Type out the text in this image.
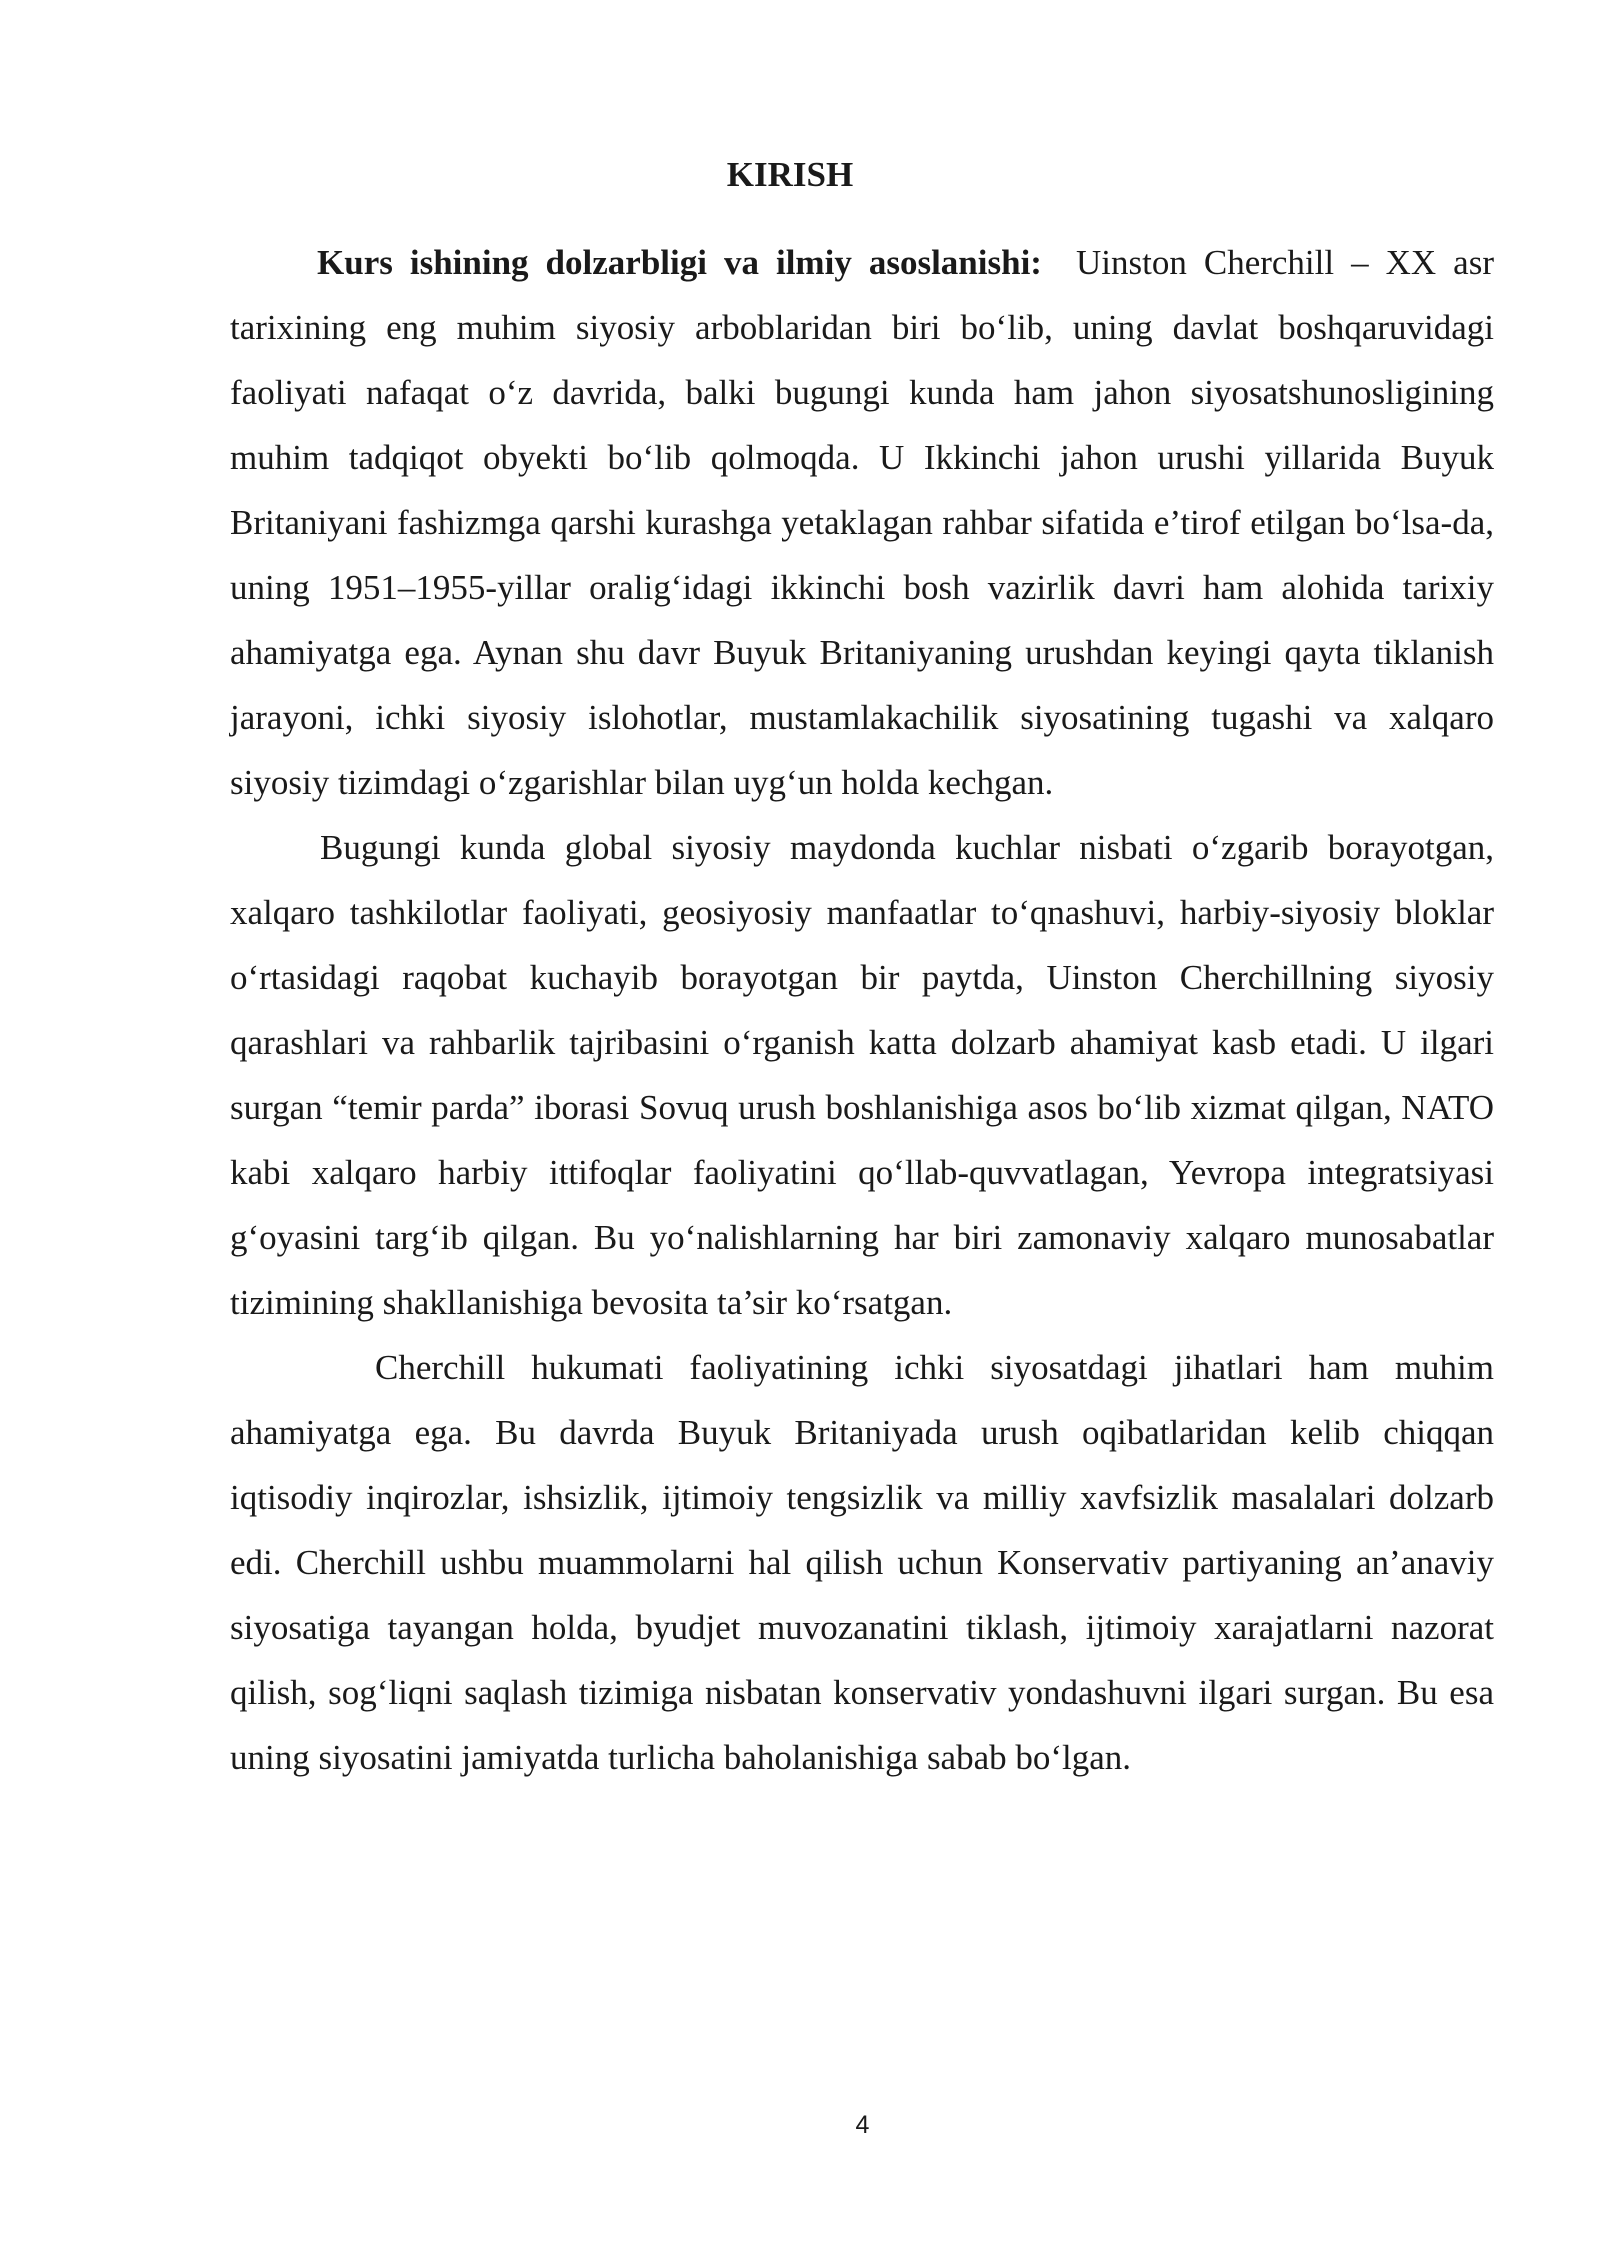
KIRISH

Kurs ishining dolzarbligi va ilmiy asoslanishi: Uinston Cherchill – XX asr tarixining eng muhim siyosiy arboblaridan biri bo‘lib, uning davlat boshqaruvidagi faoliyati nafaqat o‘z davrida, balki bugungi kunda ham jahon siyosatshunosligining muhim tadqiqot obyekti bo‘lib qolmoqda. U Ikkinchi jahon urushi yillarida Buyuk Britaniyani fashizmga qarshi kurashga yetaklagan rahbar sifatida e’tirof etilgan bo‘lsa-da, uning 1951–1955-yillar oralig‘idagi ikkinchi bosh vazirlik davri ham alohida tarixiy ahamiyatga ega. Aynan shu davr Buyuk Britaniyaning urushdan keyingi qayta tiklanish jarayoni, ichki siyosiy islohotlar, mustamlakachilik siyosatining tugashi va xalqaro siyosiy tizimdagi o‘zgarishlar bilan uyg‘un holda kechgan.

Bugungi kunda global siyosiy maydonda kuchlar nisbati o‘zgarib borayotgan, xalqaro tashkilotlar faoliyati, geosiyosiy manfaatlar to‘qnashuvi, harbiy-siyosiy bloklar o‘rtasidagi raqobat kuchayib borayotgan bir paytda, Uinston Cherchillning siyosiy qarashlari va rahbarlik tajribasini o‘rganish katta dolzarb ahamiyat kasb etadi. U ilgari surgan “temir parda” iborasi Sovuq urush boshlanishiga asos bo‘lib xizmat qilgan, NATO kabi xalqaro harbiy ittifoqlar faoliyatini qo‘llab-quvvatlagan, Yevropa integratsiyasi g‘oyasini targ‘ib qilgan. Bu yo‘nalishlarning har biri zamonaviy xalqaro munosabatlar tizimining shakllanishiga bevosita ta’sir ko‘rsatgan.

Cherchill hukumati faoliyatining ichki siyosatdagi jihatlari ham muhim ahamiyatga ega. Bu davrda Buyuk Britaniyada urush oqibatlaridan kelib chiqqan iqtisodiy inqirozlar, ishsizlik, ijtimoiy tengsizlik va milliy xavfsizlik masalalari dolzarb edi. Cherchill ushbu muammolarni hal qilish uchun Konservativ partiyaning an’anaviy siyosatiga tayangan holda, byudjet muvozanatini tiklash, ijtimoiy xarajatlarni nazorat qilish, sog‘liqni saqlash tizimiga nisbatan konservativ yondashuvni ilgari surgan. Bu esa uning siyosatini jamiyatda turlicha baholanishiga sabab bo‘lgan.

4
